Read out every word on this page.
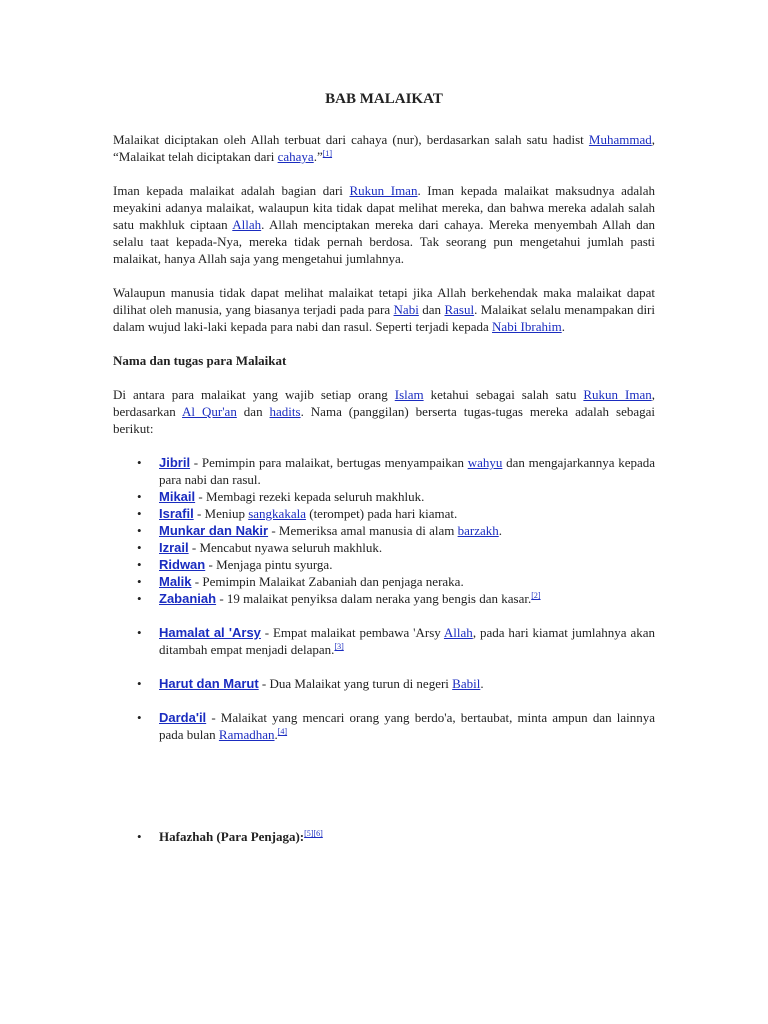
BAB MALAIKAT

Malaikat diciptakan oleh Allah terbuat dari cahaya (nur), berdasarkan salah satu hadist Muhammad, “Malaikat telah diciptakan dari cahaya.”[1]

Iman kepada malaikat adalah bagian dari Rukun Iman. Iman kepada malaikat maksudnya adalah meyakini adanya malaikat, walaupun kita tidak dapat melihat mereka, dan bahwa mereka adalah salah satu makhluk ciptaan Allah. Allah menciptakan mereka dari cahaya. Mereka menyembah Allah dan selalu taat kepada-Nya, mereka tidak pernah berdosa. Tak seorang pun mengetahui jumlah pasti malaikat, hanya Allah saja yang mengetahui jumlahnya.

Walaupun manusia tidak dapat melihat malaikat tetapi jika Allah berkehendak maka malaikat dapat dilihat oleh manusia, yang biasanya terjadi pada para Nabi dan Rasul. Malaikat selalu menampakan diri dalam wujud laki-laki kepada para nabi dan rasul. Seperti terjadi kepada Nabi Ibrahim.

Nama dan tugas para Malaikat

Di antara para malaikat yang wajib setiap orang Islam ketahui sebagai salah satu Rukun Iman, berdasarkan Al Qur'an dan hadits. Nama (panggilan) berserta tugas-tugas mereka adalah sebagai berikut:

• Jibril - Pemimpin para malaikat, bertugas menyampaikan wahyu dan mengajarkannya kepada para nabi dan rasul.
• Mikail - Membagi rezeki kepada seluruh makhluk.
• Israfil - Meniup sangkakala (terompet) pada hari kiamat.
• Munkar dan Nakir - Memeriksa amal manusia di alam barzakh.
• Izrail - Mencabut nyawa seluruh makhluk.
• Ridwan - Menjaga pintu syurga.
• Malik - Pemimpin Malaikat Zabaniah dan penjaga neraka.
• Zabaniah - 19 malaikat penyiksa dalam neraka yang bengis dan kasar.[2]
• Hamalat al 'Arsy - Empat malaikat pembawa 'Arsy Allah, pada hari kiamat jumlahnya akan ditambah empat menjadi delapan.[3]
• Harut dan Marut - Dua Malaikat yang turun di negeri Babil.
• Darda'il - Malaikat yang mencari orang yang berdo'a, bertaubat, minta ampun dan lainnya pada bulan Ramadhan.[4]
• Hafazhah (Para Penjaga):[5][6]
